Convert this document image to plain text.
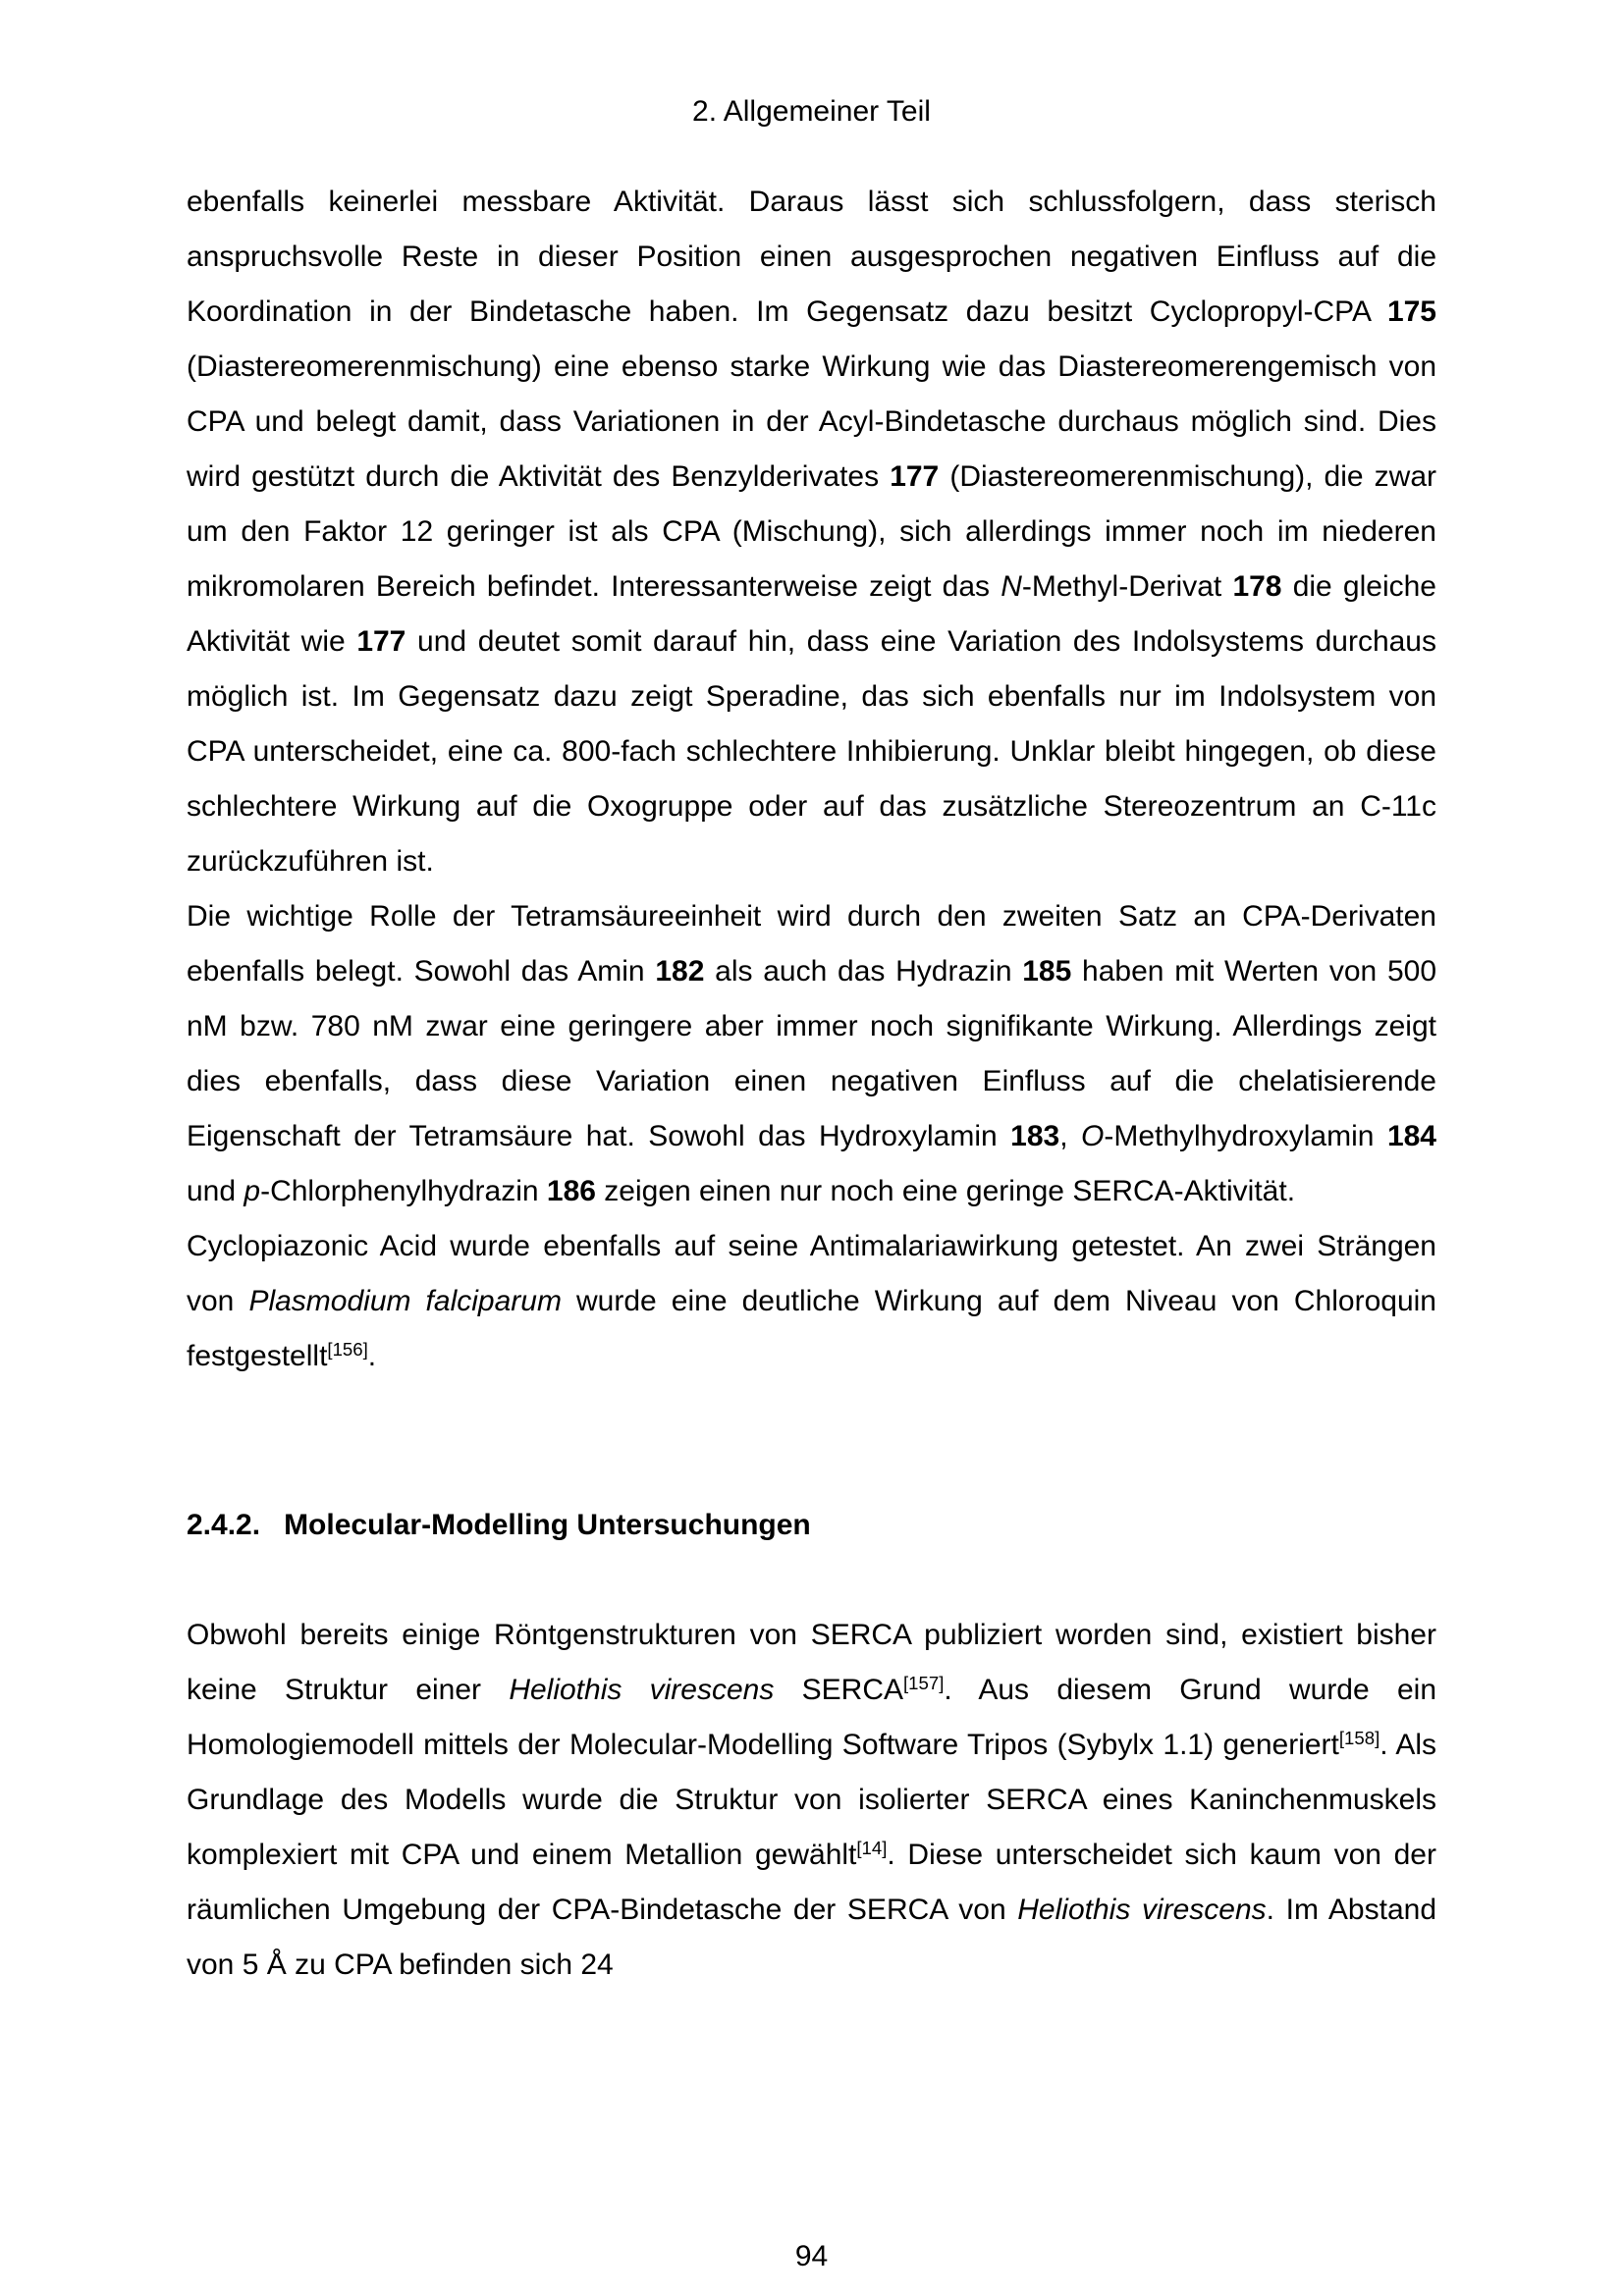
2. Allgemeiner Teil

ebenfalls keinerlei messbare Aktivität. Daraus lässt sich schlussfolgern, dass sterisch anspruchsvolle Reste in dieser Position einen ausgesprochen negativen Einfluss auf die Koordination in der Bindetasche haben. Im Gegensatz dazu besitzt Cyclopropyl-CPA 175 (Diastereomerenmischung) eine ebenso starke Wirkung wie das Diastereomerengemisch von CPA und belegt damit, dass Variationen in der Acyl-Bindetasche durchaus möglich sind. Dies wird gestützt durch die Aktivität des Benzylderivates 177 (Diastereomerenmischung), die zwar um den Faktor 12 geringer ist als CPA (Mischung), sich allerdings immer noch im niederen mikromolaren Bereich befindet. Interessanterweise zeigt das N-Methyl-Derivat 178 die gleiche Aktivität wie 177 und deutet somit darauf hin, dass eine Variation des Indolsystems durchaus möglich ist. Im Gegensatz dazu zeigt Speradine, das sich ebenfalls nur im Indolsystem von CPA unterscheidet, eine ca. 800-fach schlechtere Inhibierung. Unklar bleibt hingegen, ob diese schlechtere Wirkung auf die Oxogruppe oder auf das zusätzliche Stereozentrum an C-11c zurückzuführen ist.

Die wichtige Rolle der Tetramsäureeinheit wird durch den zweiten Satz an CPA-Derivaten ebenfalls belegt. Sowohl das Amin 182 als auch das Hydrazin 185 haben mit Werten von 500 nM bzw. 780 nM zwar eine geringere aber immer noch signifikante Wirkung. Allerdings zeigt dies ebenfalls, dass diese Variation einen negativen Einfluss auf die chelatisierende Eigenschaft der Tetramsäure hat. Sowohl das Hydroxylamin 183, O-Methylhydroxylamin 184 und p-Chlorphenylhydrazin 186 zeigen einen nur noch eine geringe SERCA-Aktivität.

Cyclopiazonic Acid wurde ebenfalls auf seine Antimalariawirkung getestet. An zwei Strängen von Plasmodium falciparum wurde eine deutliche Wirkung auf dem Niveau von Chloroquin festgestellt[156].

2.4.2. Molecular-Modelling Untersuchungen

Obwohl bereits einige Röntgenstrukturen von SERCA publiziert worden sind, existiert bisher keine Struktur einer Heliothis virescens SERCA[157]. Aus diesem Grund wurde ein Homologiemodell mittels der Molecular-Modelling Software Tripos (Sybylx 1.1) generiert[158]. Als Grundlage des Modells wurde die Struktur von isolierter SERCA eines Kaninchenmuskels komplexiert mit CPA und einem Metallion gewählt[14]. Diese unterscheidet sich kaum von der räumlichen Umgebung der CPA-Bindetasche der SERCA von Heliothis virescens. Im Abstand von 5 Å zu CPA befinden sich 24

94
